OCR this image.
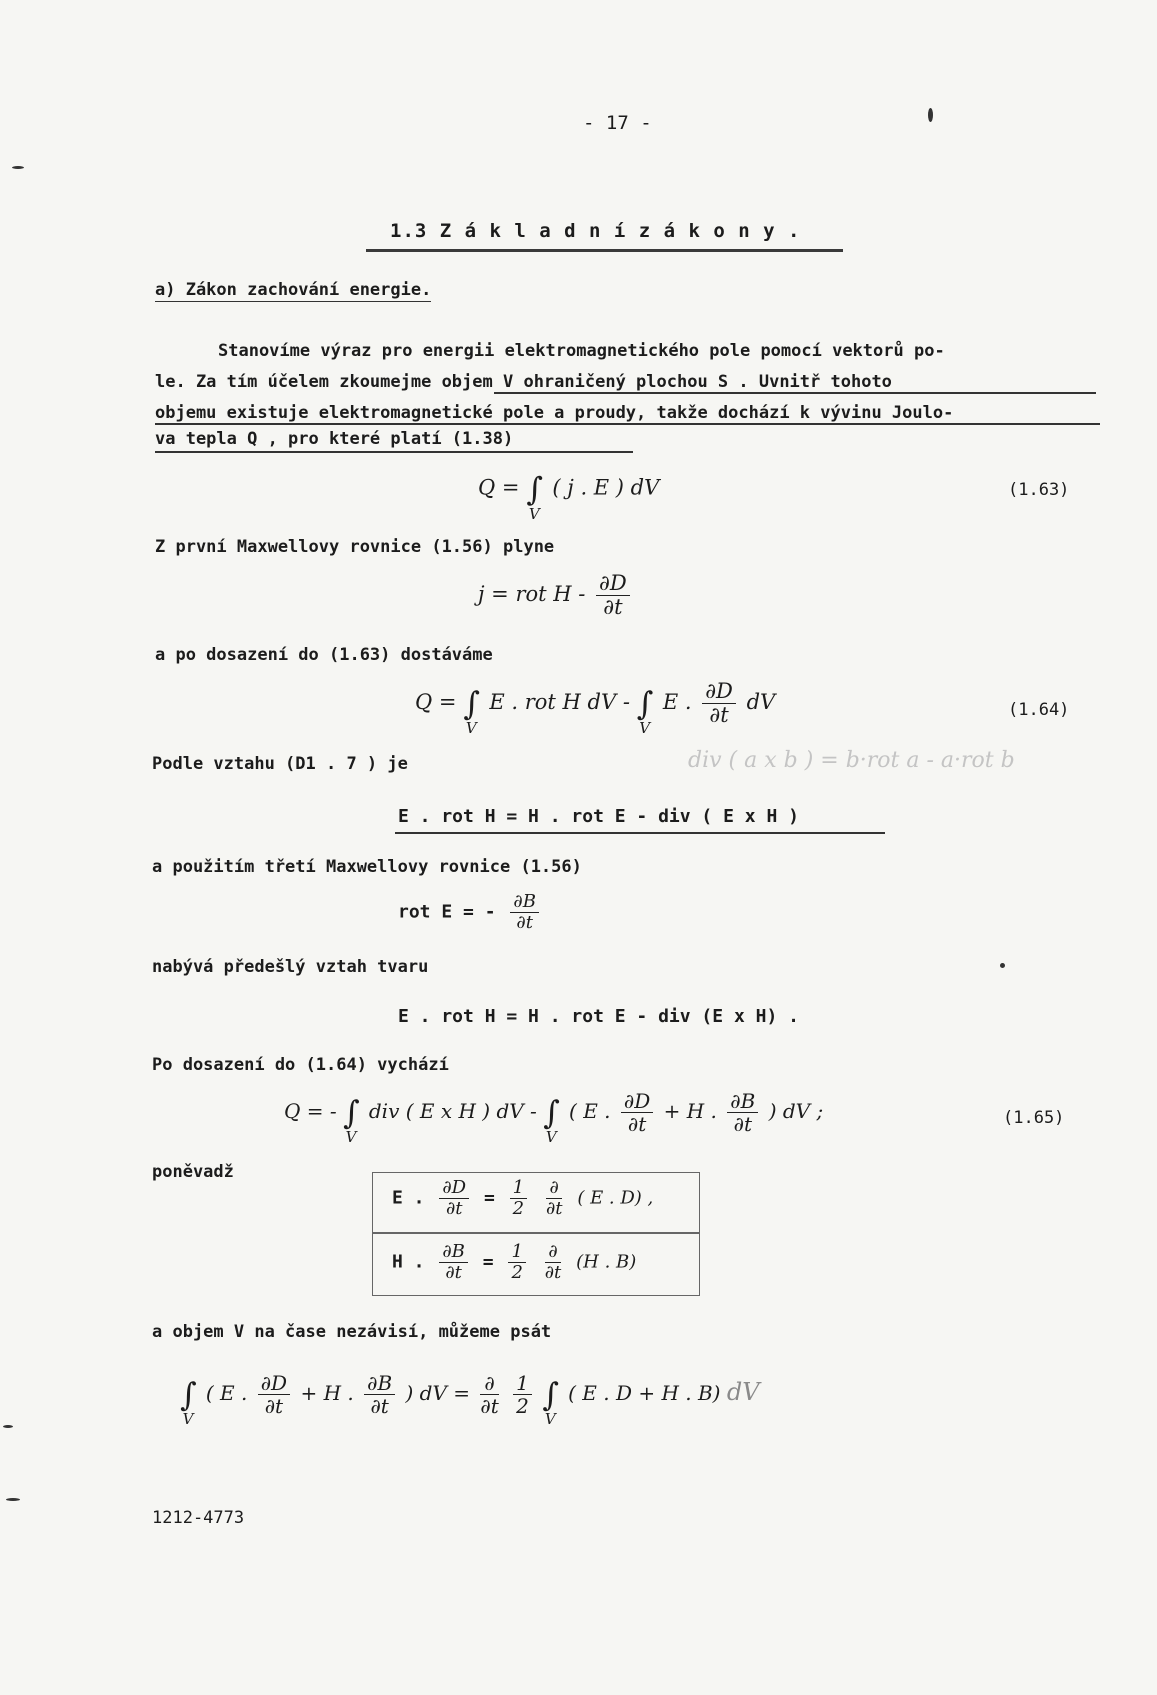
- 17 -
1.3 Z á k l a d n í z á k o n y .
a) Zákon zachování energie.
Stanovíme výraz pro energii elektromagnetického pole pomocí vektorů po-
le. Za tím účelem zkoumejme objem V ohraničený plochou S . Uvnitř tohoto
objemu existuje elektromagnetické pole a proudy, takže dochází k vývinu Joulo-
va tepla Q , pro které platí (1.38)
$Q = \int_V$ ( j . E ) dV	(1.63)
Z první Maxwellovy rovnice (1.56) plyne
j = rot H - $\frac{\partial D}{\partial t}$
a po dosazení do (1.63) dostáváme
$Q = \int_V$ E . rot H dV - $\int_V$ E . $\frac{\partial D}{\partial t}$ dV	(1.64)
Podle vztahu (D1 . 7 ) je	div ( a x b ) = b·rot a - a·rot b
E . rot H = H . rot E - div ( E x H )
a použitím třetí Maxwellovy rovnice (1.56)
rot E = - $\frac{\partial B}{\partial t}$
nabývá předešlý vztah tvaru
E . rot H = H . rot E - div (E x H) .
Po dosazení do (1.64) vychází
Q = - $\int_V$ div ( E x H ) dV - $\int_V$ ( E . $\frac{\partial D}{\partial t} + H$ . $\frac{\partial B}{\partial t}$ ) dV ;	(1.65)
poněvadž
E . $\frac{\partial D}{\partial t} = \frac{1}{2}$
$\frac{\partial}{\partial t}$ ( E . D) ,
H . $\frac{\partial B}{\partial t} = \frac{1}{2}$
$\frac{\partial}{\partial t} (H$ . B)
a objem V na čase nezávisí, můžeme psát
$\int_V$ ( E . $\frac{\partial D}{\partial t} + H$ . $\frac{\partial B}{\partial t}$ ) dV = $\frac{\partial}{\partial t}$
$\frac{1}{2} \int_V$ ( E . D + H . B) dV
1212-4773
